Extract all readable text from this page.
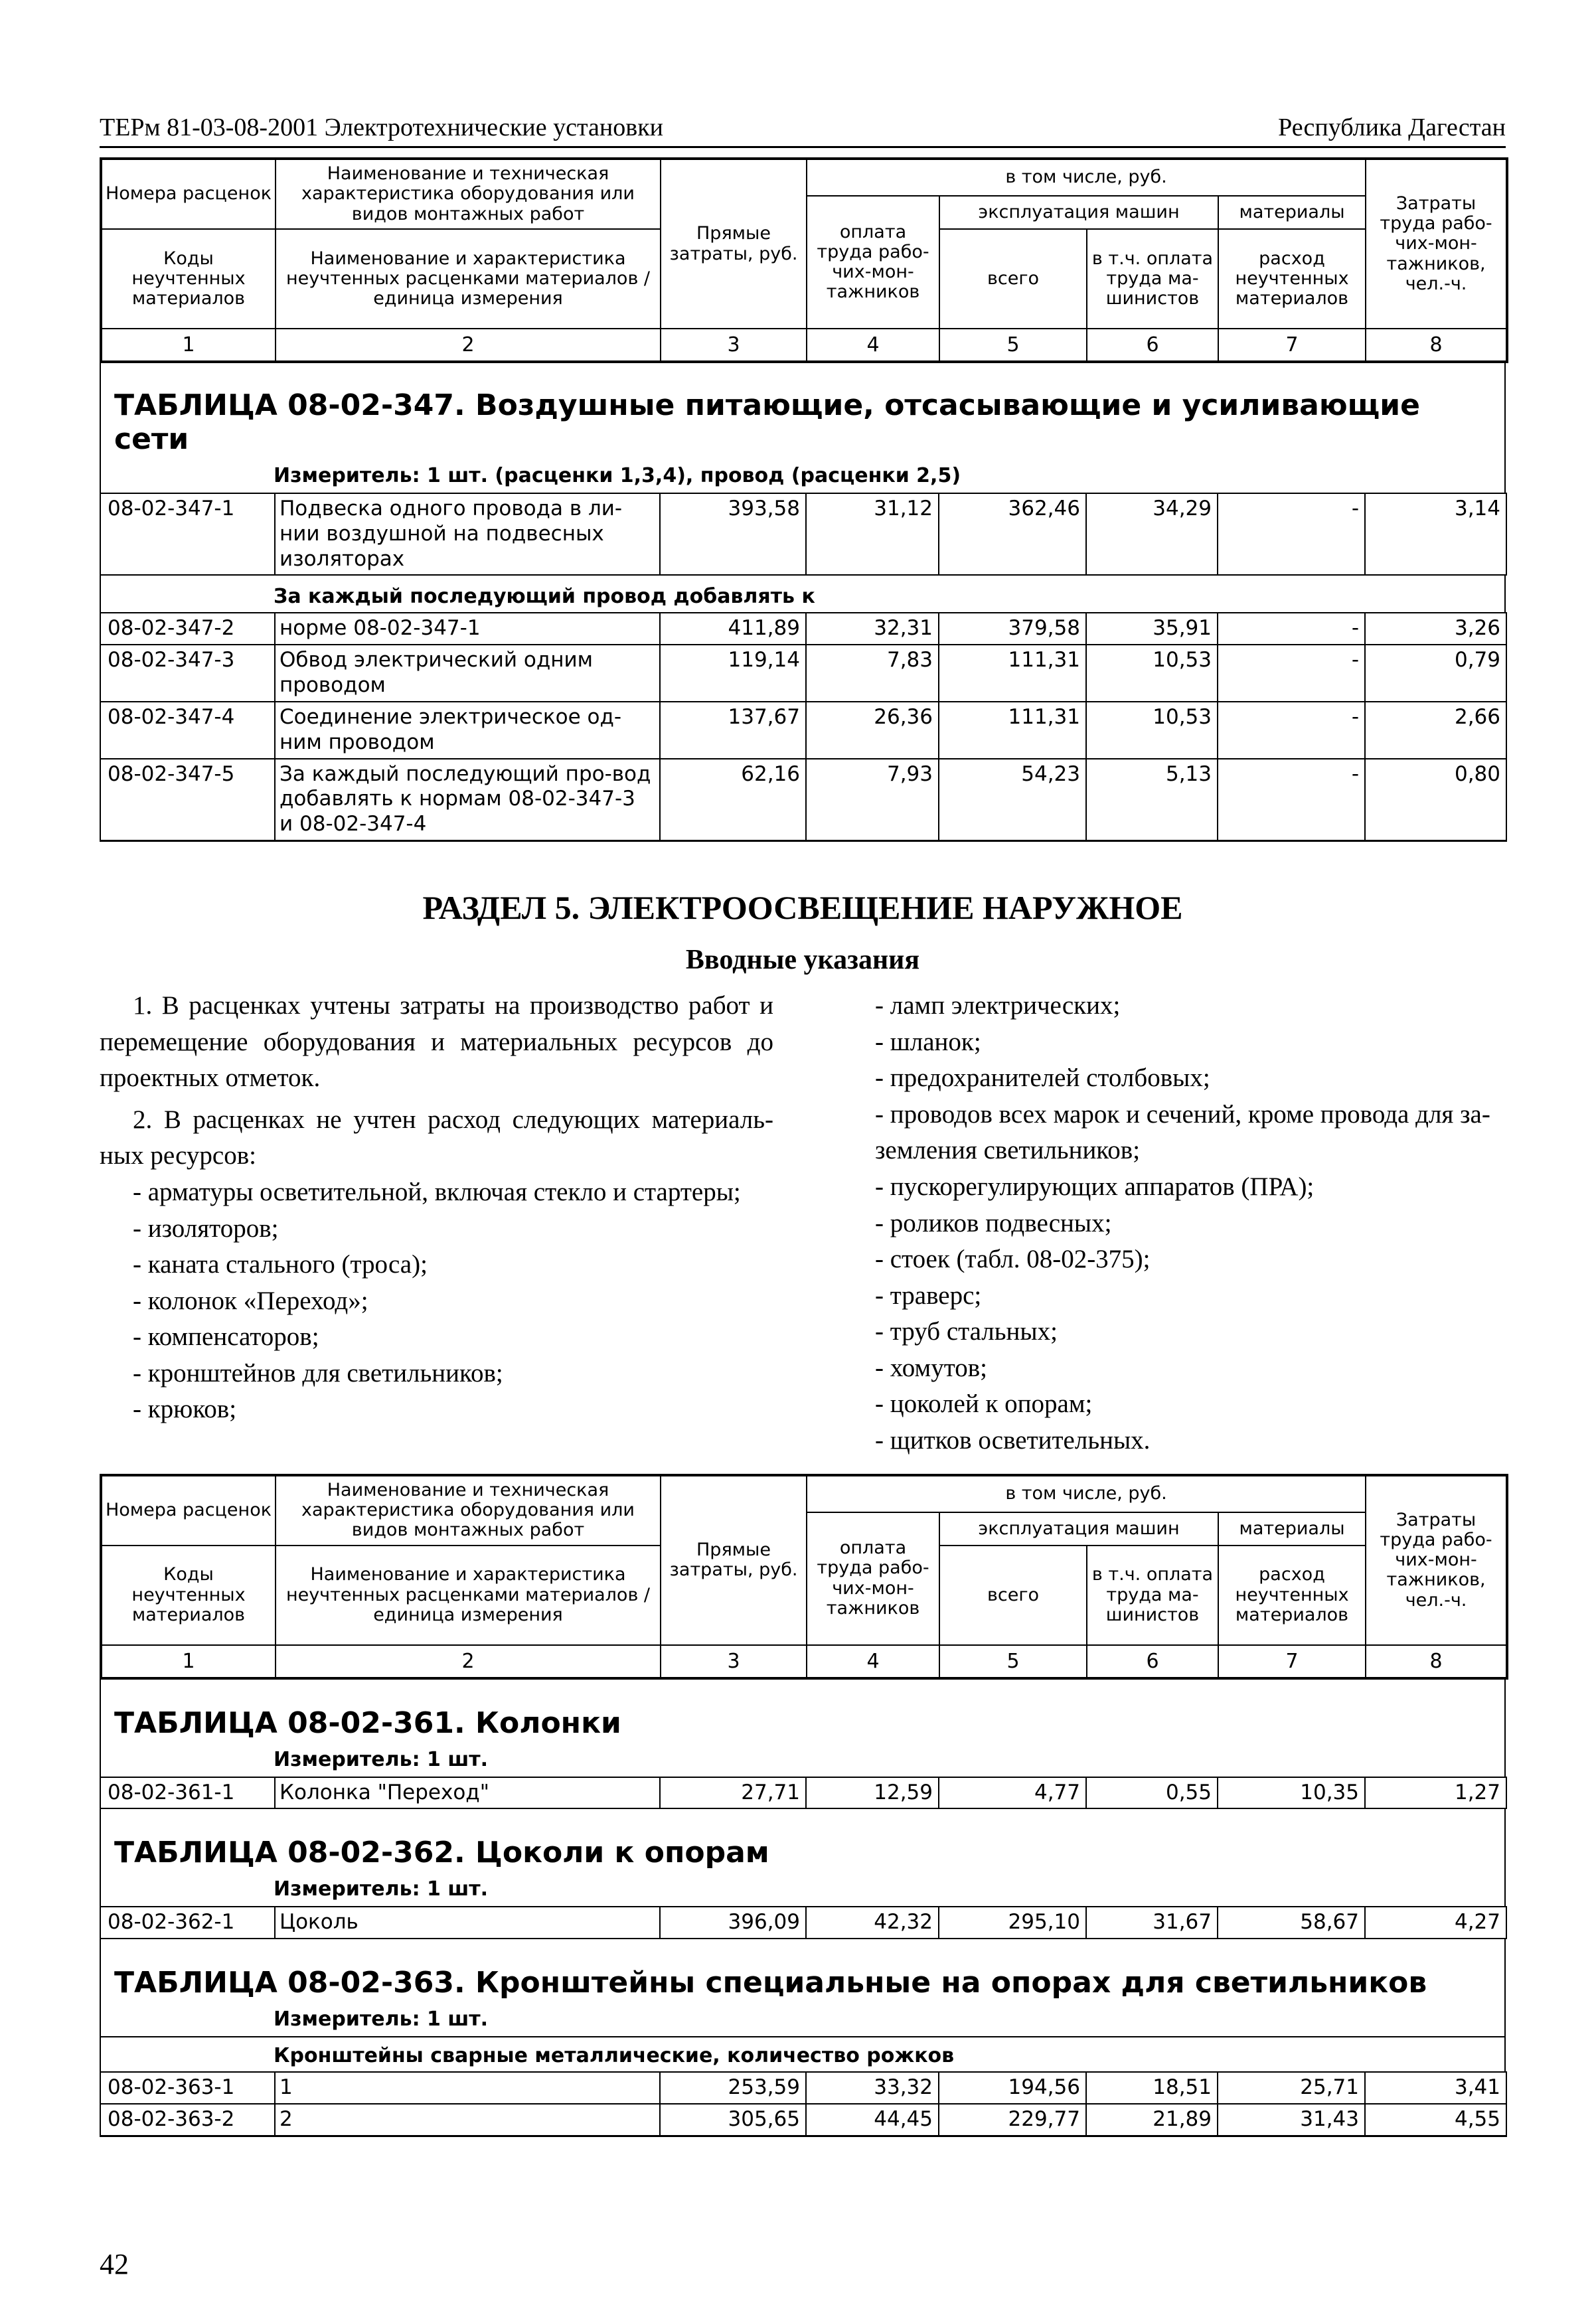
ТЕРм 81-03-08-2001 Электротехнические установки	Республика Дагестан
Номера расценок	Наименование и техническая характеристика оборудования или видов монтажных работ	Прямые затраты, руб.	в том числе, руб.				Затраты труда рабо-чих-мон-тажников, чел.-ч.
			оплата труда рабо-чих-мон-тажников	эксплуатация машин		материалы	
Коды неучтенных материалов	Наименование и характеристика неучтенных расценками материалов / единица измерения			всего	в т.ч. оплата труда ма-шинистов	расход неучтенных материалов	
1	2	3	4	5	6	7	8
ТАБЛИЦА 08-02-347. Воздушные питающие, отсасывающие и усиливающие сети
Измеритель: 1 шт. (расценки 1,3,4), провод (расценки 2,5)
08-02-347-1	Подвеска одного провода в ли-нии воздушной на подвесных изоляторах	393,58	31,12	362,46	34,29	-	3,14
За каждый последующий провод добавлять к
08-02-347-2	норме 08-02-347-1	411,89	32,31	379,58	35,91	-	3,26
08-02-347-3	Обвод электрический одним проводом	119,14	7,83	111,31	10,53	-	0,79
08-02-347-4	Соединение электрическое од-ним проводом	137,67	26,36	111,31	10,53	-	2,66
08-02-347-5	За каждый последующий про-вод добавлять к нормам 08-02-347-3 и 08-02-347-4	62,16	7,93	54,23	5,13	-	0,80
РАЗДЕЛ 5. ЭЛЕКТРООСВЕЩЕНИЕ НАРУЖНОЕ
Вводные указания

1. В расценках учтены затраты на производство работ и перемещение оборудования и материальных ресурсов до проектных отметок.

2. В расценках не учтен расход следующих материаль-ных ресурсов:

- арматуры осветительной, включая стекло и стартеры;

- изоляторов;

- каната стального (троса);

- колонок «Переход»;

- компенсаторов;

- кронштейнов для светильников;

- крюков;

- ламп электрических;

- шланок;

- предохранителей столбовых;

- проводов всех марок и сечений, кроме провода для за-земления светильников;

- пускорегулирующих аппаратов (ПРА);

- роликов подвесных;

- стоек (табл. 08-02-375);

- траверс;

- труб стальных;

- хомутов;

- цоколей к опорам;

- щитков осветительных.

Номера расценок	Наименование и техническая характеристика оборудования или видов монтажных работ	Прямые затраты, руб.	в том числе, руб.				Затраты труда рабо-чих-мон-тажников, чел.-ч.
			оплата труда рабо-чих-мон-тажников	эксплуатация машин		материалы	
Коды неучтенных материалов	Наименование и характеристика неучтенных расценками материалов / единица измерения			всего	в т.ч. оплата труда ма-шинистов	расход неучтенных материалов	
1	2	3	4	5	6	7	8
ТАБЛИЦА 08-02-361. Колонки
Измеритель: 1 шт.
08-02-361-1	Колонка "Переход"	27,71	12,59	4,77	0,55	10,35	1,27
ТАБЛИЦА 08-02-362. Цоколи к опорам
Измеритель: 1 шт.
08-02-362-1	Цоколь	396,09	42,32	295,10	31,67	58,67	4,27
ТАБЛИЦА 08-02-363. Кронштейны специальные на опорах для светильников
Измеритель: 1 шт.
Кронштейны сварные металлические, количество рожков
08-02-363-1	1	253,59	33,32	194,56	18,51	25,71	3,41
08-02-363-2	2	305,65	44,45	229,77	21,89	31,43	4,55
42
